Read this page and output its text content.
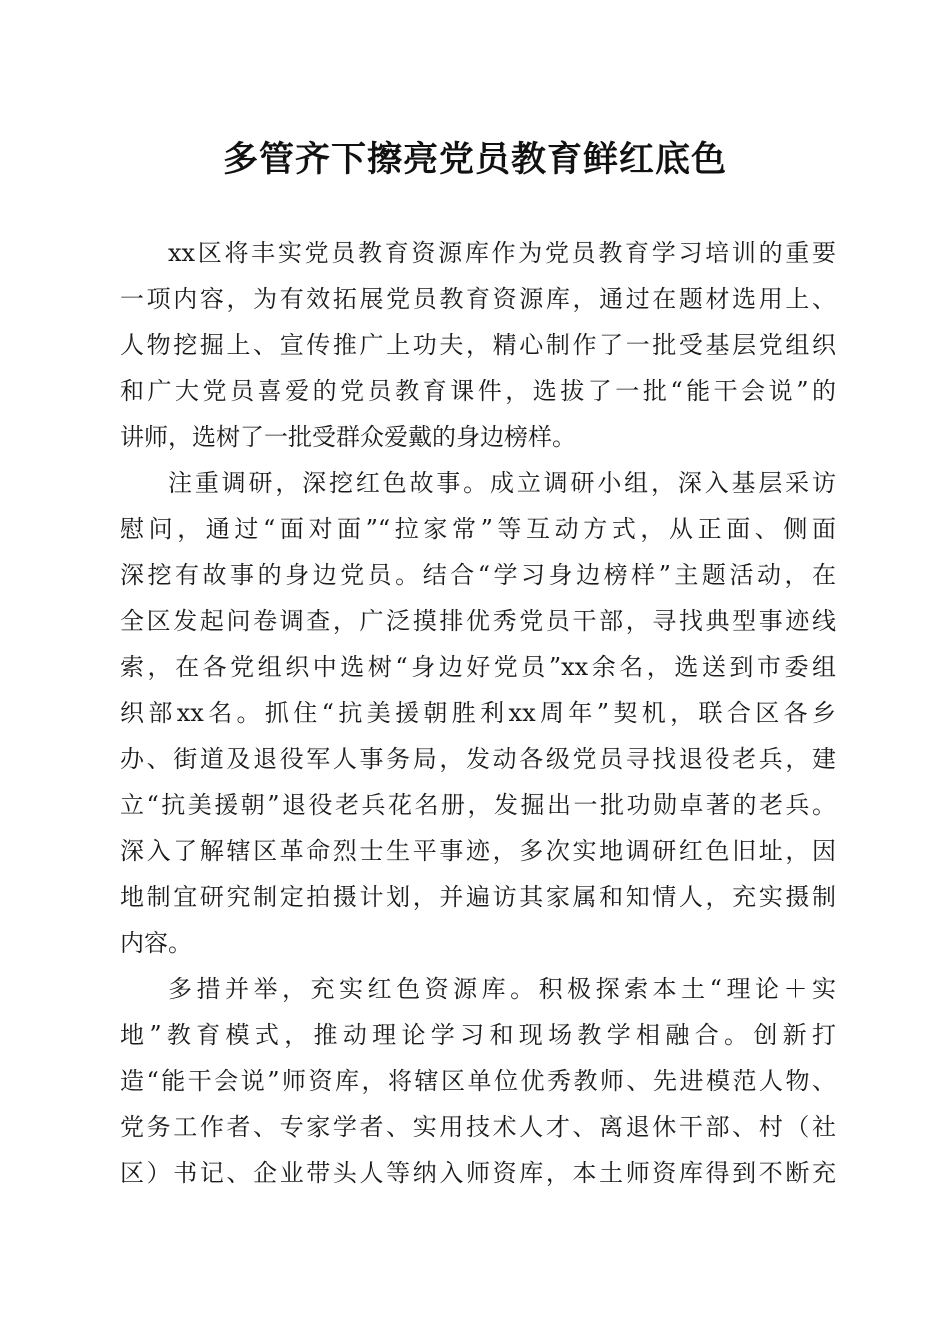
多管齐下擦亮党员教育鲜红底色
xx区将丰实党员教育资源库作为党员教育学习培训的重要
一项内容，为有效拓展党员教育资源库，通过在题材选用上、
人物挖掘上、宣传推广上功夫，精心制作了一批受基层党组织
和广大党员喜爱的党员教育课件，选拔了一批“能干会说”的
讲师，选树了一批受群众爱戴的身边榜样。
注重调研，深挖红色故事。成立调研小组，深入基层采访
慰问，通过“面对面”“拉家常”等互动方式，从正面、侧面
深挖有故事的身边党员。结合“学习身边榜样”主题活动，在
全区发起问卷调查，广泛摸排优秀党员干部，寻找典型事迹线
索，在各党组织中选树“身边好党员”xx余名，选送到市委组
织部xx名。抓住“抗美援朝胜利xx周年”契机，联合区各乡
办、街道及退役军人事务局，发动各级党员寻找退役老兵，建
立“抗美援朝”退役老兵花名册，发掘出一批功勋卓著的老兵。
深入了解辖区革命烈士生平事迹，多次实地调研红色旧址，因
地制宜研究制定拍摄计划，并遍访其家属和知情人，充实摄制
内容。
多措并举，充实红色资源库。积极探索本土“理论＋实
地”教育模式，推动理论学习和现场教学相融合。创新打
造“能干会说”师资库，将辖区单位优秀教师、先进模范人物、
党务工作者、专家学者、实用技术人才、离退休干部、村（社
区）书记、企业带头人等纳入师资库，本土师资库得到不断充
